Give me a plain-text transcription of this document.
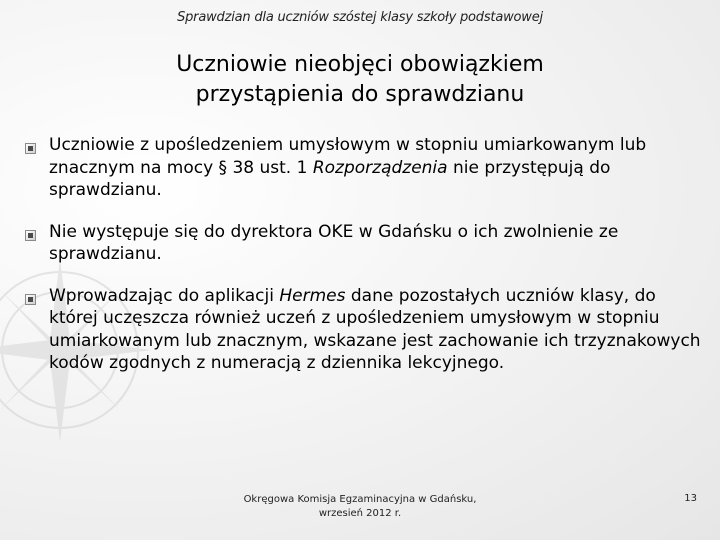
Sprawdzian dla uczniów szóstej klasy szkoły podstawowej
Uczniowie nieobjęci obowiązkiem
przystąpienia do sprawdzianu
Uczniowie z upośledzeniem umysłowym w stopniu umiarkowanym lub znacznym na mocy § 38 ust. 1 Rozporządzenia nie przystępują do sprawdzianu.
Nie występuje się do dyrektora OKE w Gdańsku o ich zwolnienie ze sprawdzianu.
Wprowadzając do aplikacji Hermes dane pozostałych uczniów klasy, do której uczęszcza również uczeń z upośledzeniem umysłowym w stopniu umiarkowanym lub znacznym, wskazane jest zachowanie ich trzyznakowych kodów zgodnych z numeracją z dziennika lekcyjnego.
Okręgowa Komisja Egzaminacyjna w Gdańsku,
wrzesień 2012 r.
13
